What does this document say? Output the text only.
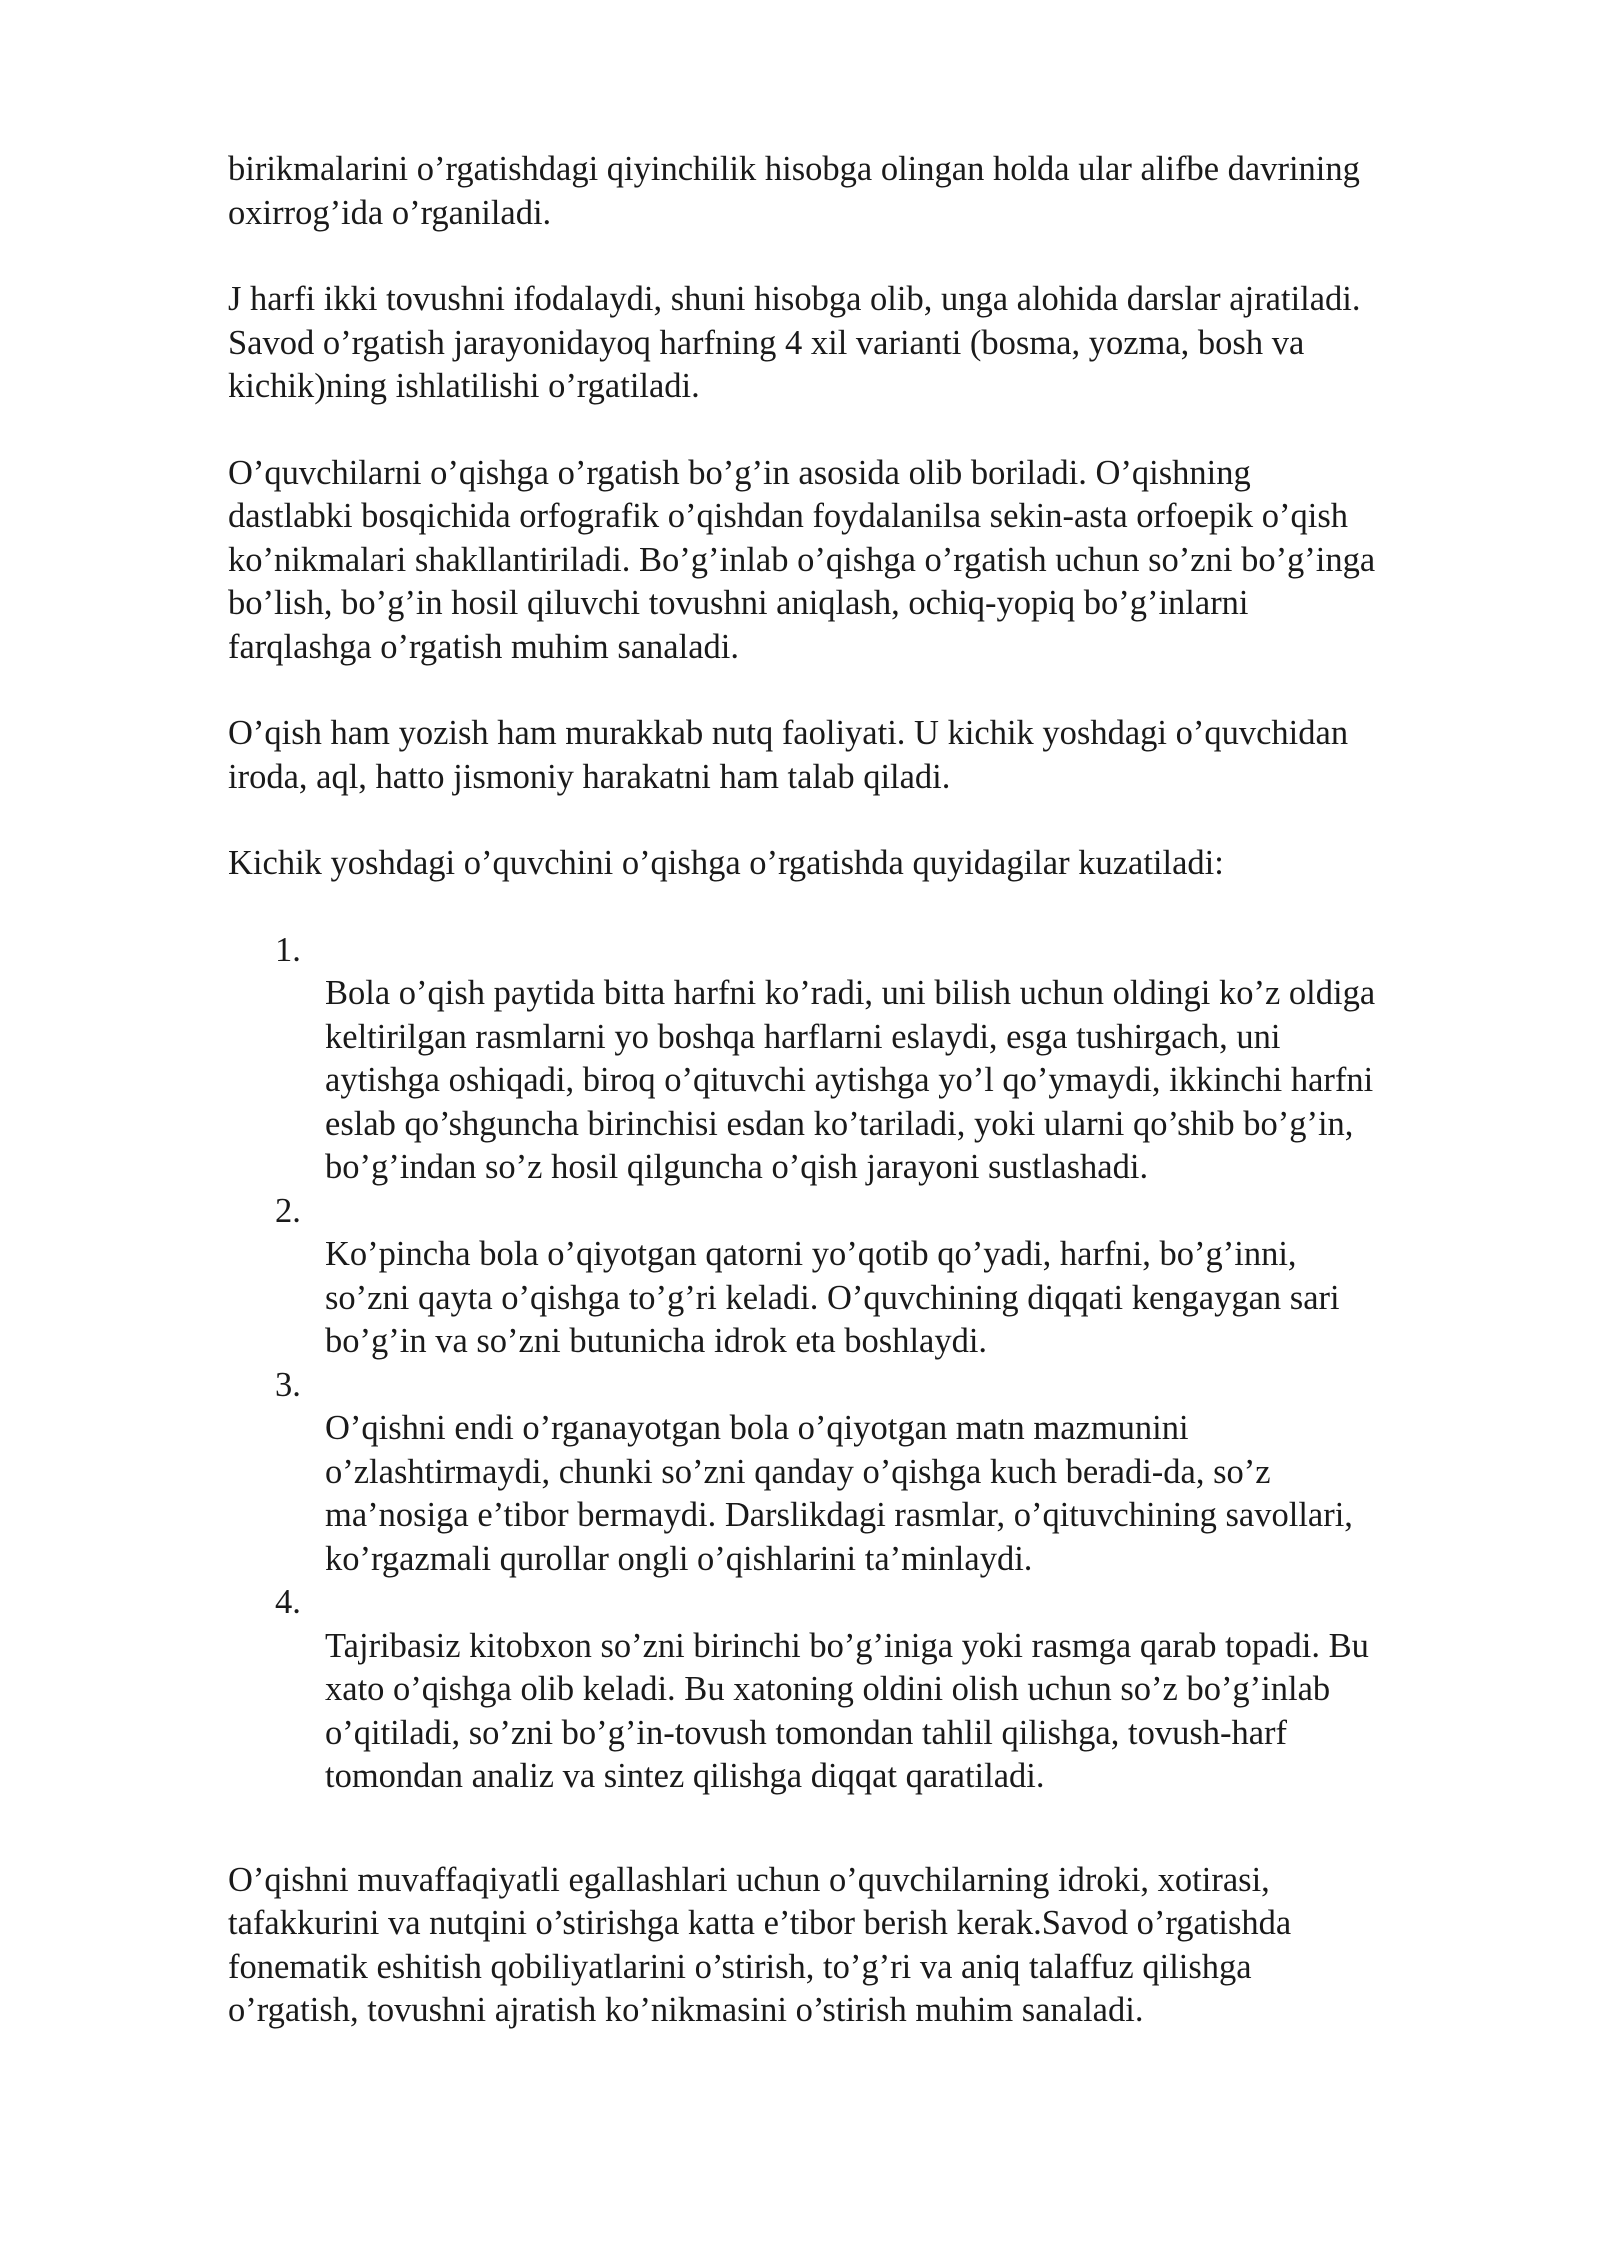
birikmalarini o’rgatishdagi qiyinchilik hisobga olingan holda ular alifbe davrining
oxirrog’ida o’rganiladi.

J harfi ikki tovushni ifodalaydi, shuni hisobga olib, unga alohida darslar ajratiladi.
Savod o’rgatish jarayonidayoq harfning 4 xil varianti (bosma, yozma, bosh va
kichik)ning ishlatilishi o’rgatiladi.

O’quvchilarni o’qishga o’rgatish bo’g’in asosida olib boriladi. O’qishning
dastlabki bosqichida orfografik o’qishdan foydalanilsa sekin-asta orfoepik o’qish
ko’nikmalari shakllantiriladi. Bo’g’inlab o’qishga o’rgatish uchun so’zni bo’g’inga
bo’lish, bo’g’in hosil qiluvchi tovushni aniqlash, ochiq-yopiq bo’g’inlarni
farqlashga o’rgatish muhim sanaladi.

O’qish ham yozish ham murakkab nutq faoliyati. U kichik yoshdagi o’quvchidan
iroda, aql, hatto jismoniy harakatni ham talab qiladi.

Kichik yoshdagi o’quvchini o’qishga o’rgatishda quyidagilar kuzatiladi:

1.
Bola o’qish paytida bitta harfni ko’radi, uni bilish uchun oldingi ko’z oldiga
keltirilgan rasmlarni yo boshqa harflarni eslaydi, esga tushirgach, uni
aytishga oshiqadi, biroq o’qituvchi aytishga yo’l qo’ymaydi, ikkinchi harfni
eslab qo’shguncha birinchisi esdan ko’tariladi, yoki ularni qo’shib bo’g’in,
bo’g’indan so’z hosil qilguncha o’qish jarayoni sustlashadi.
2.
Ko’pincha bola o’qiyotgan qatorni yo’qotib qo’yadi, harfni, bo’g’inni,
so’zni qayta o’qishga to’g’ri keladi. O’quvchining diqqati kengaygan sari
bo’g’in va so’zni butunicha idrok eta boshlaydi.
3.
O’qishni endi o’rganayotgan bola o’qiyotgan matn mazmunini
o’zlashtirmaydi, chunki so’zni qanday o’qishga kuch beradi-da, so’z
ma’nosiga e’tibor bermaydi. Darslikdagi rasmlar, o’qituvchining savollari,
ko’rgazmali qurollar ongli o’qishlarini ta’minlaydi.
4.
Tajribasiz kitobxon so’zni birinchi bo’g’iniga yoki rasmga qarab topadi. Bu
xato o’qishga olib keladi. Bu xatoning oldini olish uchun so’z bo’g’inlab
o’qitiladi, so’zni bo’g’in-tovush tomondan tahlil qilishga, tovush-harf
tomondan analiz va sintez qilishga diqqat qaratiladi.

O’qishni muvaffaqiyatli egallashlari uchun o’quvchilarning idroki, xotirasi,
tafakkurini va nutqini o’stirishga katta e’tibor berish kerak.Savod o’rgatishda
fonematik eshitish qobiliyatlarini o’stirish, to’g’ri va aniq talaffuz qilishga
o’rgatish, tovushni ajratish ko’nikmasini o’stirish muhim sanaladi.
